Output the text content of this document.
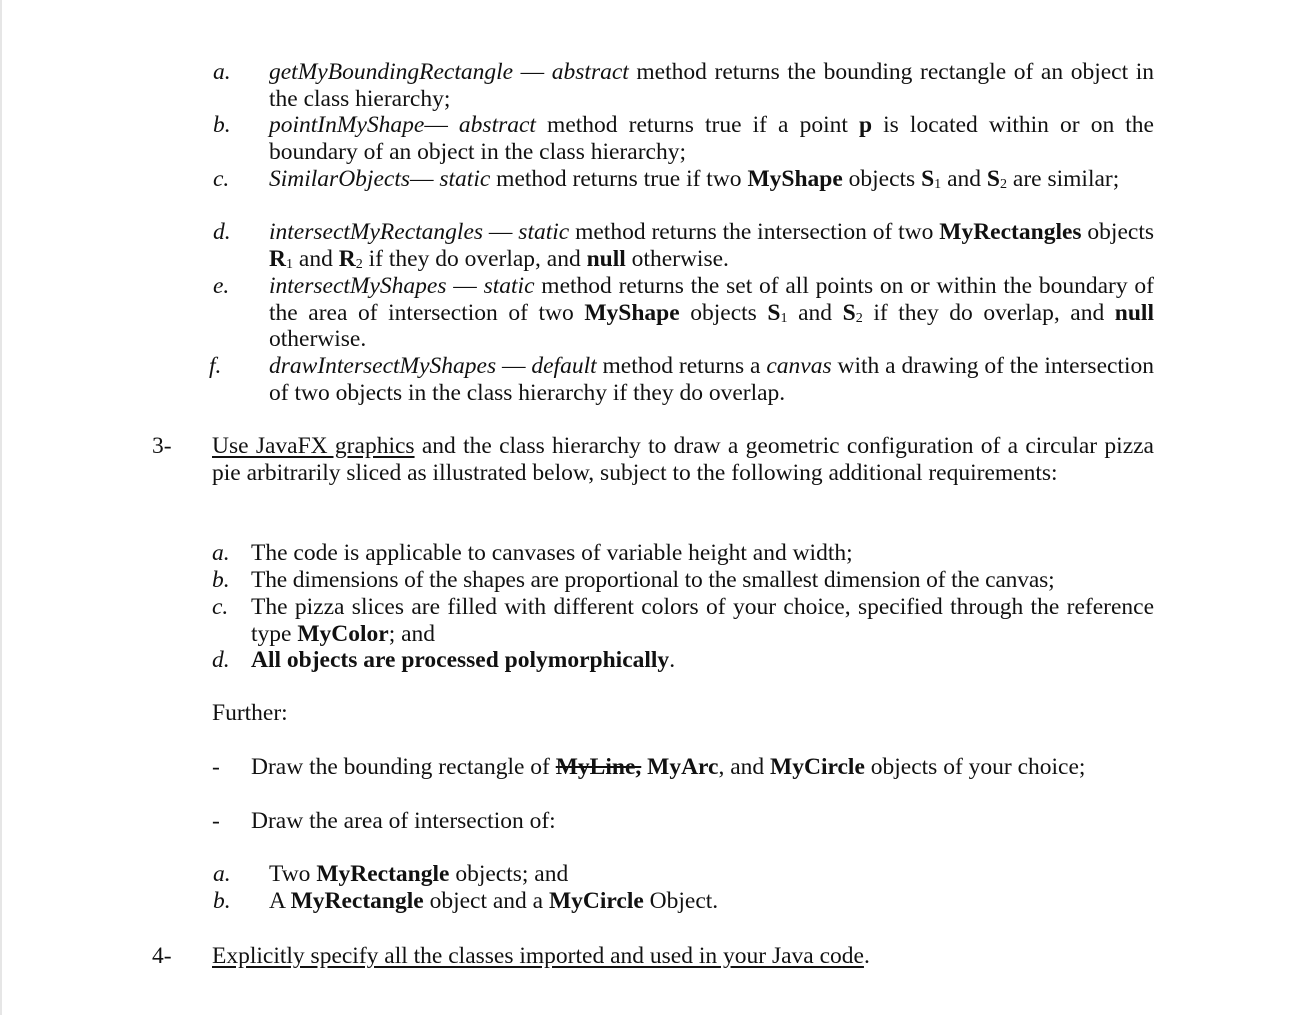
a. getMyBoundingRectangle — abstract method returns the bounding rectangle of an object in the class hierarchy;
b. pointInMyShape— abstract method returns true if a point p is located within or on the boundary of an object in the class hierarchy;
c. SimilarObjects— static method returns true if two MyShape objects $S_1$ and $S_2$ are similar;
d. intersectMyRectangles — static method returns the intersection of two MyRectangles objects $R_1$ and $R_2$ if they do overlap, and null otherwise.
e. intersectMyShapes — static method returns the set of all points on or within the boundary of the area of intersection of two MyShape objects $S_1$ and $S_2$ if they do overlap, and null otherwise.
f. drawIntersectMyShapes — default method returns a canvas with a drawing of the intersection of two objects in the class hierarchy if they do overlap.
3- Use JavaFX graphics and the class hierarchy to draw a geometric configuration of a circular pizza pie arbitrarily sliced as illustrated below, subject to the following additional requirements:
a. The code is applicable to canvases of variable height and width;
b. The dimensions of the shapes are proportional to the smallest dimension of the canvas;
c. The pizza slices are filled with different colors of your choice, specified through the reference type MyColor; and
d. All objects are processed polymorphically.
Further:
- Draw the bounding rectangle of MyLine, MyArc, and MyCircle objects of your choice;
- Draw the area of intersection of:
a. Two MyRectangle objects; and
b. A MyRectangle object and a MyCircle Object.
4- Explicitly specify all the classes imported and used in your Java code.
